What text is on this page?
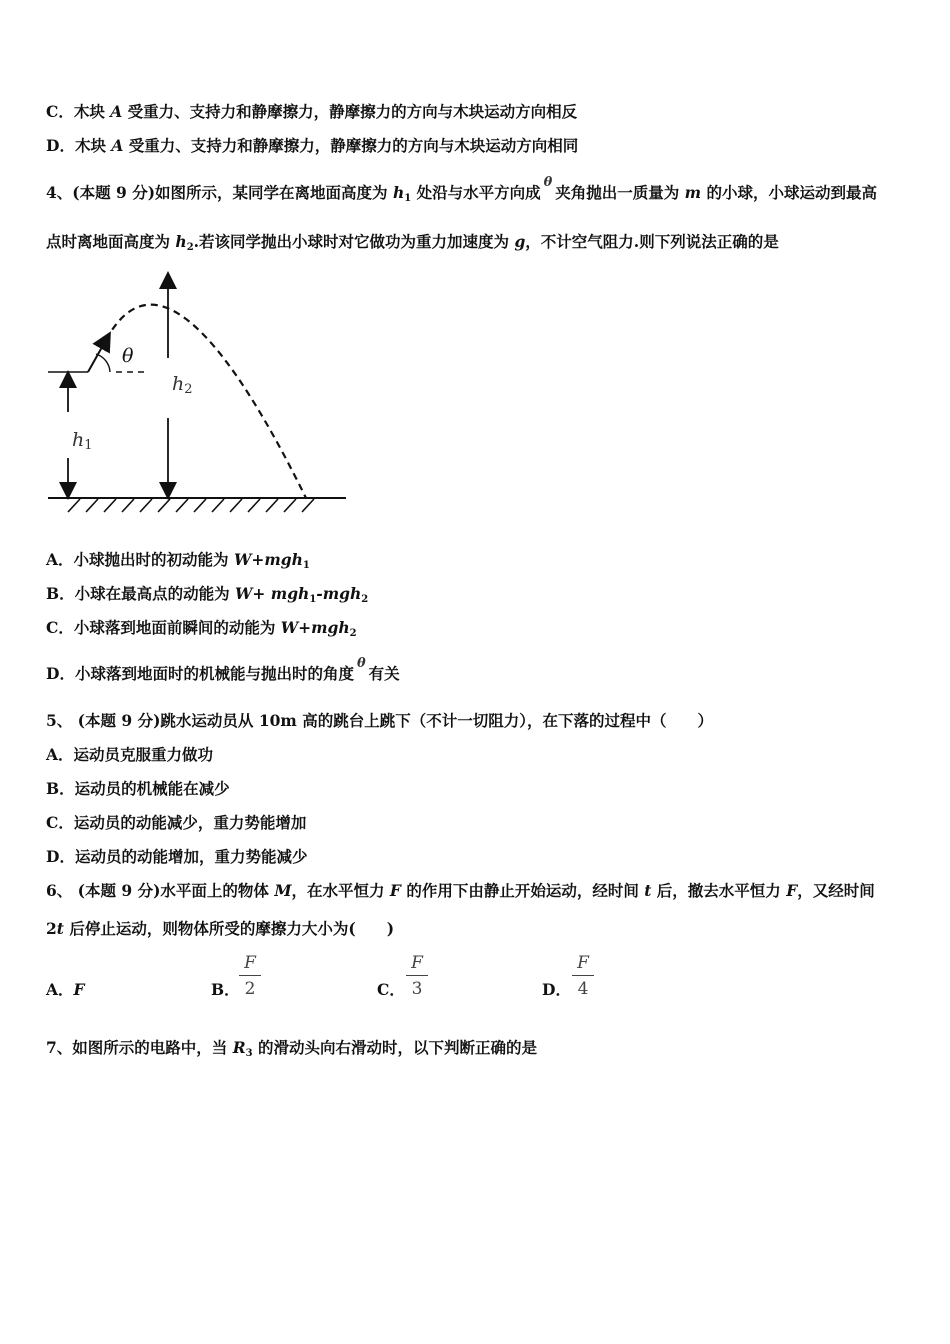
C．木块 A 受重力、支持力和静摩擦力，静摩擦力的方向与木块运动方向相反
D．木块 A 受重力、支持力和静摩擦力，静摩擦力的方向与木块运动方向相同
4、(本题 9 分)如图所示，某同学在离地面高度为 $h_1$ 处沿与水平方向成$^\theta$夹角抛出一质量为 m 的小球，小球运动到最高
点时离地面高度为 $h_2$.若该同学抛出小球时对它做功为重力加速度为 g，不计空气阻力.则下列说法正确的是
θ
h1
h2
A．小球抛出时的初动能为 W+mgh$_1$
B．小球在最高点的动能为 W+ mgh$_1$-mgh$_2$
C．小球落到地面前瞬间的动能为 W+mgh$_2$
D．小球落到地面时的机械能与抛出时的角度$^\theta$有关
5、 (本题 9 分)跳水运动员从 10m 高的跳台上跳下（不计一切阻力），在下落的过程中（　　）
A．运动员克服重力做功
B．运动员的机械能在减少
C．运动员的动能减少，重力势能增加
D．运动员的动能增加，重力势能减少
6、 (本题 9 分)水平面上的物体 M，在水平恒力 F 的作用下由静止开始运动，经时间 t 后，撤去水平恒力 F，又经时间
2t 后停止运动，则物体所受的摩擦力大小为(　　)
A．F	B．
F
2	C．
F
3	D．
F
4
7、如图所示的电路中，当 $R_3$ 的滑动头向右滑动时，以下判断正确的是
